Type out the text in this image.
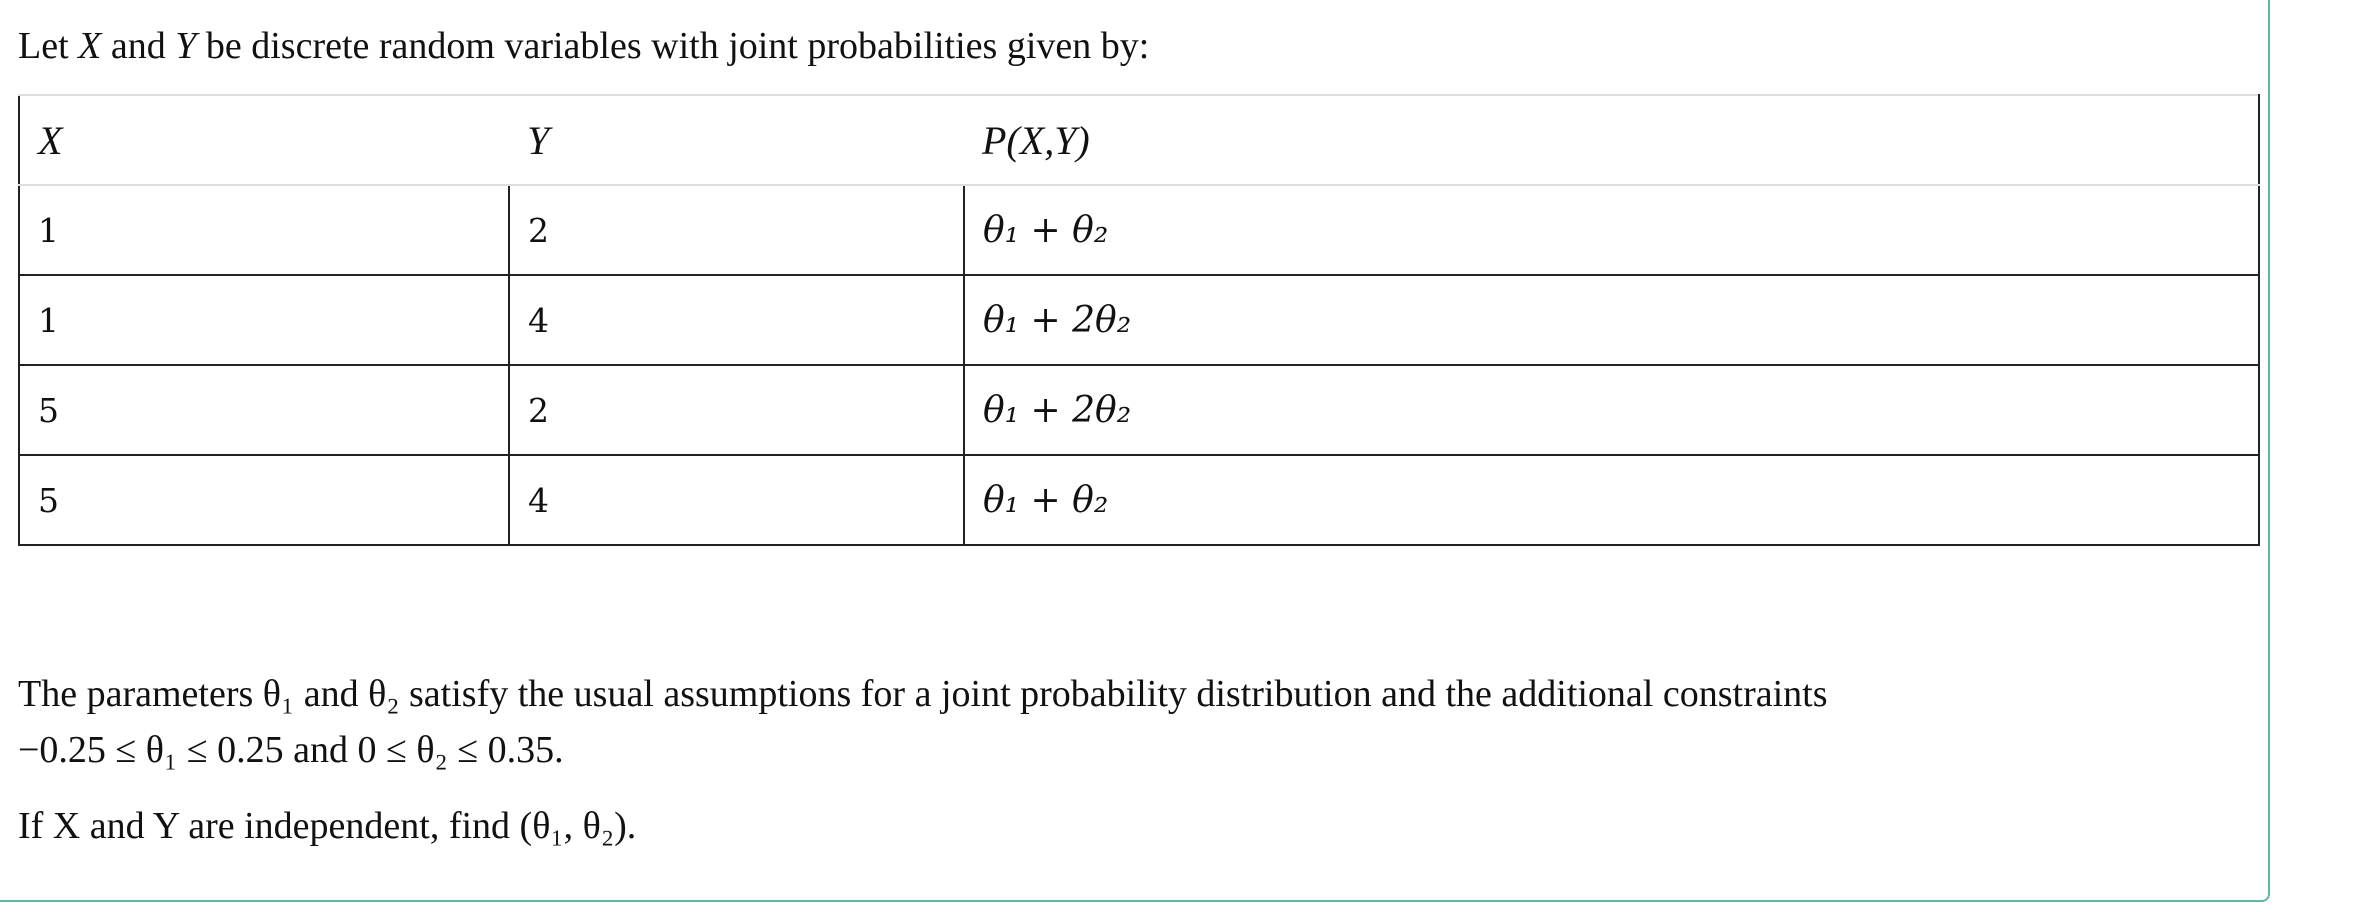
Let X and Y be discrete random variables with joint probabilities given by:
X	Y	P(X,Y)
1	2	θ₁ + θ₂
1	4	θ₁ + 2θ₂
5	2	θ₁ + 2θ₂
5	4	θ₁ + θ₂

The parameters θ₁ and θ₂ satisfy the usual assumptions for a joint probability distribution and the additional constraints

−0.25 ≤ θ₁ ≤ 0.25 and 0 ≤ θ₂ ≤ 0.35.

If X and Y are independent, find (θ₁, θ₂).
